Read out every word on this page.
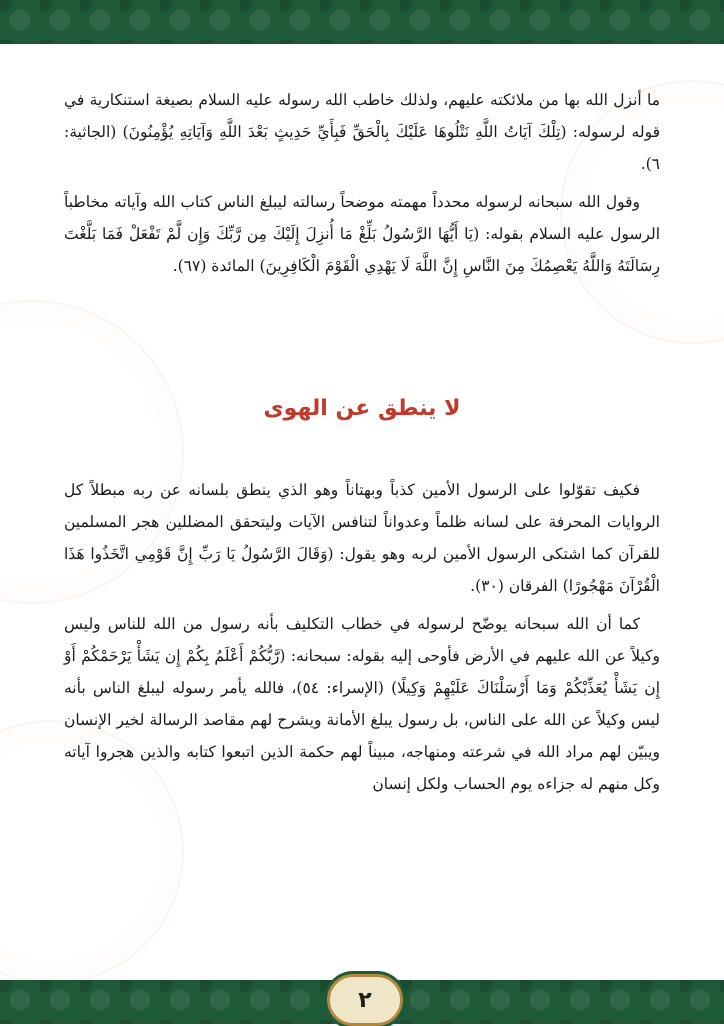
ما أنزل الله بها من ملائكته عليهم، ولذلك خاطب الله رسوله عليه السلام بصيغة استنكارية في قوله لرسوله: (تِلْكَ آيَاتُ اللَّهِ نَتْلُوهَا عَلَيْكَ بِالْحَقِّ فَبِأَيِّ حَدِيثٍ بَعْدَ اللَّهِ وَآيَاتِهِ يُؤْمِنُونَ) (الجاثية: ٦).

وقول الله سبحانه لرسوله محدداً مهمته موضحاً رسالته ليبلغ الناس كتاب الله وآياته مخاطباً الرسول عليه السلام بقوله: (يَا أَيُّهَا الرَّسُولُ بَلِّغْ مَا أُنزِلَ إِلَيْكَ مِن رَّبِّكَ وَإِن لَّمْ تَفْعَلْ فَمَا بَلَّغْتَ رِسَالَتَهُ وَاللَّهُ يَعْصِمُكَ مِنَ النَّاسِ إِنَّ اللَّهَ لَا يَهْدِي الْقَوْمَ الْكَافِرِينَ) المائدة (٦٧).

لا ينطق عن الهوى

فكيف تقوّلوا على الرسول الأمين كذباً وبهتاناً وهو الذي ينطق بلسانه عن ربه مبطلاً كل الروايات المحرفة على لسانه ظلماً وعدواناً لتنافس الآيات وليتحقق المضللين هجر المسلمين للقرآن كما اشتكى الرسول الأمين لربه وهو يقول: (وَقَالَ الرَّسُولُ يَا رَبِّ إِنَّ قَوْمِي اتَّخَذُوا هَذَا الْقُرْآنَ مَهْجُورًا) الفرقان (٣٠).

كما أن الله سبحانه يوضّح لرسوله في خطاب التكليف بأنه رسول من الله للناس وليس وكيلاً عن الله عليهم في الأرض فأوحى إليه بقوله: سبحانه: (رَّبُّكُمْ أَعْلَمُ بِكُمْ إِن يَشَأْ يَرْحَمْكُمْ أَوْ إِن يَشَأْ يُعَذِّبْكُمْ وَمَا أَرْسَلْنَاكَ عَلَيْهِمْ وَكِيلًا) (الإسراء: ٥٤)، فالله يأمر رسوله ليبلغ الناس بأنه ليس وكيلاً عن الله على الناس، بل رسول يبلغ الأمانة ويشرح لهم مقاصد الرسالة لخير الإنسان ويبيّن لهم مراد الله في شرعته ومنهاجه، مبيناً لهم حكمة الذين اتبعوا كتابه والذين هجروا آياته وكل منهم له جزاءه يوم الحساب ولكل إنسان

٢
